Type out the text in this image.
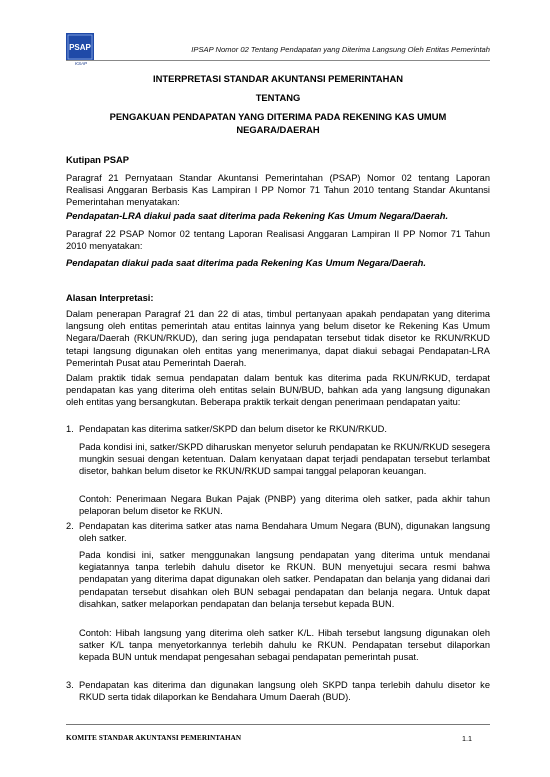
PSAP
KSAP
IPSAP Nomor 02 Tentang Pendapatan yang Diterima Langsung Oleh Entitas Pemerintah
INTERPRETASI STANDAR AKUNTANSI PEMERINTAHAN
TENTANG
PENGAKUAN PENDAPATAN YANG DITERIMA PADA REKENING KAS UMUM
NEGARA/DAERAH
Kutipan PSAP
Paragraf 21 Pernyataan Standar Akuntansi Pemerintahan (PSAP) Nomor 02 tentang Laporan Realisasi Anggaran Berbasis Kas Lampiran I PP Nomor 71 Tahun 2010 tentang Standar Akuntansi Pemerintahan menyatakan:
Pendapatan-LRA diakui pada saat diterima pada Rekening Kas Umum Negara/Daerah.
Paragraf 22 PSAP Nomor 02 tentang Laporan Realisasi Anggaran Lampiran II PP Nomor 71 Tahun 2010 menyatakan:
Pendapatan diakui pada saat diterima pada Rekening Kas Umum Negara/Daerah.
Alasan Interpretasi:
Dalam penerapan Paragraf 21 dan 22 di atas, timbul pertanyaan apakah pendapatan yang diterima langsung oleh entitas pemerintah atau entitas lainnya yang belum disetor ke Rekening Kas Umum Negara/Daerah (RKUN/RKUD), dan sering juga pendapatan tersebut tidak disetor ke RKUN/RKUD tetapi langsung digunakan oleh entitas yang menerimanya, dapat diakui sebagai Pendapatan-LRA Pemerintah Pusat atau Pemerintah Daerah.
Dalam praktik tidak semua pendapatan dalam bentuk kas diterima pada RKUN/RKUD, terdapat pendapatan kas yang diterima oleh entitas selain BUN/BUD, bahkan ada yang langsung digunakan oleh entitas yang bersangkutan. Beberapa praktik terkait dengan penerimaan pendapatan yaitu:
1. Pendapatan kas diterima satker/SKPD dan belum disetor ke RKUN/RKUD.
Pada kondisi ini, satker/SKPD diharuskan menyetor seluruh pendapatan ke RKUN/RKUD sesegera mungkin sesuai dengan ketentuan. Dalam kenyataan dapat terjadi pendapatan tersebut terlambat disetor, bahkan belum disetor ke RKUN/RKUD sampai tanggal pelaporan keuangan.
Contoh: Penerimaan Negara Bukan Pajak (PNBP) yang diterima oleh satker, pada akhir tahun pelaporan belum disetor ke RKUN.
2. Pendapatan kas diterima satker atas nama Bendahara Umum Negara (BUN), digunakan langsung oleh satker.
Pada kondisi ini, satker menggunakan langsung pendapatan yang diterima untuk mendanai kegiatannya tanpa terlebih dahulu disetor ke RKUN. BUN menyetujui secara resmi bahwa pendapatan yang diterima dapat digunakan oleh satker. Pendapatan dan belanja yang didanai dari pendapatan tersebut disahkan oleh BUN sebagai pendapatan dan belanja negara. Untuk dapat disahkan, satker melaporkan pendapatan dan belanja tersebut kepada BUN.
Contoh: Hibah langsung yang diterima oleh satker K/L. Hibah tersebut langsung digunakan oleh satker K/L tanpa menyetorkannya terlebih dahulu ke RKUN. Pendapatan tersebut dilaporkan kepada BUN untuk mendapat pengesahan sebagai pendapatan pemerintah pusat.
3. Pendapatan kas diterima dan digunakan langsung oleh SKPD tanpa terlebih dahulu disetor ke RKUD serta tidak dilaporkan ke Bendahara Umum Daerah (BUD).
KOMITE STANDAR AKUNTANSI PEMERINTAHAN	1.1
